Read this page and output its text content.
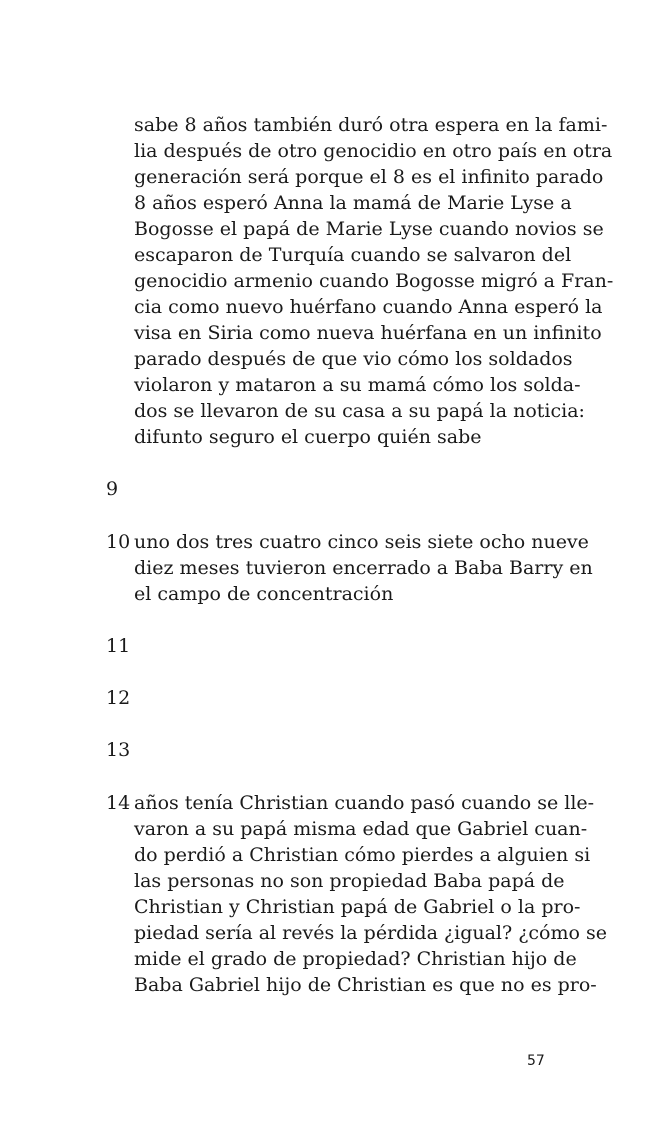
sabe 8 años también duró otra espera en la fami-
lia después de otro genocidio en otro país en otra
generación será porque el 8 es el infinito parado
8 años esperó Anna la mamá de Marie Lyse a
Bogosse el papá de Marie Lyse cuando novios se
escaparon de Turquía cuando se salvaron del
genocidio armenio cuando Bogosse migró a Fran-
cia como nuevo huérfano cuando Anna esperó la
visa en Siria como nueva huérfana en un infinito
parado después de que vio cómo los soldados
violaron y mataron a su mamá cómo los solda-
dos se llevaron de su casa a su papá la noticia:
difunto seguro el cuerpo quién sabe
9
10 uno dos tres cuatro cinco seis siete ocho nueve
diez meses tuvieron encerrado a Baba Barry en
el campo de concentración
11
12
13
14 años tenía Christian cuando pasó cuando se lle-
varon a su papá misma edad que Gabriel cuan-
do perdió a Christian cómo pierdes a alguien si
las personas no son propiedad Baba papá de
Christian y Christian papá de Gabriel o la pro-
piedad sería al revés la pérdida ¿igual? ¿cómo se
mide el grado de propiedad? Christian hijo de
Baba Gabriel hijo de Christian es que no es pro-
57
